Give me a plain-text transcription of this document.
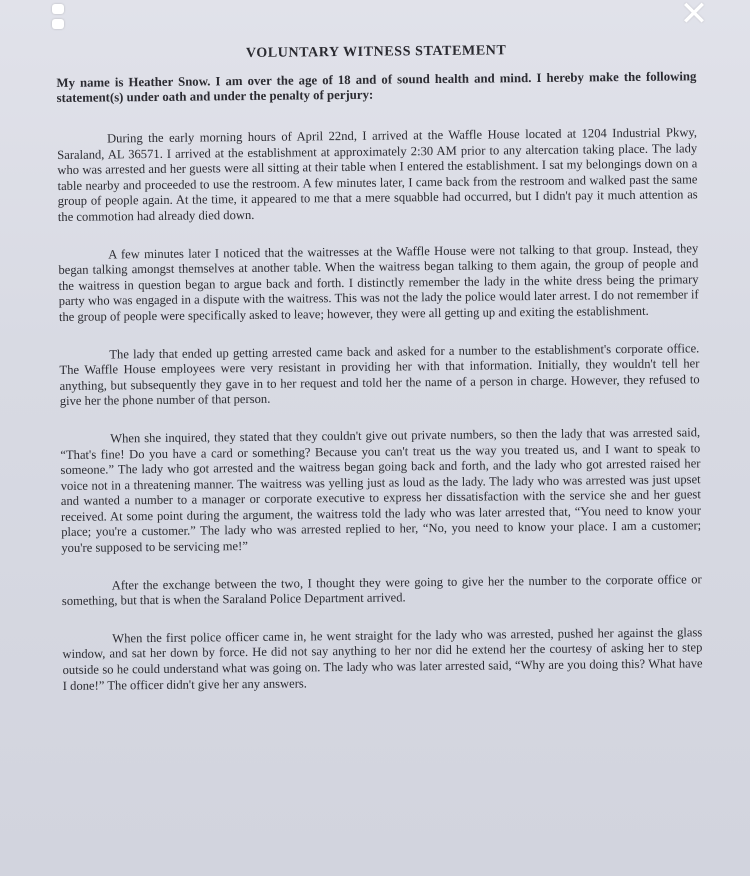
✕
VOLUNTARY WITNESS STATEMENT

My name is Heather Snow. I am over the age of 18 and of sound health and mind. I hereby make the following statement(s) under oath and under the penalty of perjury:

During the early morning hours of April 22nd, I arrived at the Waffle House located at 1204 Industrial Pkwy, Saraland, AL 36571. I arrived at the establishment at approximately 2:30 AM prior to any altercation taking place. The lady who was arrested and her guests were all sitting at their table when I entered the establishment. I sat my belongings down on a table nearby and proceeded to use the restroom. A few minutes later, I came back from the restroom and walked past the same group of people again. At the time, it appeared to me that a mere squabble had occurred, but I didn't pay it much attention as the commotion had already died down.

A few minutes later I noticed that the waitresses at the Waffle House were not talking to that group. Instead, they began talking amongst themselves at another table. When the waitress began talking to them again, the group of people and the waitress in question began to argue back and forth. I distinctly remember the lady in the white dress being the primary party who was engaged in a dispute with the waitress. This was not the lady the police would later arrest. I do not remember if the group of people were specifically asked to leave; however, they were all getting up and exiting the establishment.

The lady that ended up getting arrested came back and asked for a number to the establishment's corporate office. The Waffle House employees were very resistant in providing her with that information. Initially, they wouldn't tell her anything, but subsequently they gave in to her request and told her the name of a person in charge. However, they refused to give her the phone number of that person.

When she inquired, they stated that they couldn't give out private numbers, so then the lady that was arrested said, “That's fine! Do you have a card or something? Because you can't treat us the way you treated us, and I want to speak to someone.” The lady who got arrested and the waitress began going back and forth, and the lady who got arrested raised her voice not in a threatening manner. The waitress was yelling just as loud as the lady. The lady who was arrested was just upset and wanted a number to a manager or corporate executive to express her dissatisfaction with the service she and her guest received. At some point during the argument, the waitress told the lady who was later arrested that, “You need to know your place; you're a customer.” The lady who was arrested replied to her, “No, you need to know your place. I am a customer; you're supposed to be servicing me!”

After the exchange between the two, I thought they were going to give her the number to the corporate office or something, but that is when the Saraland Police Department arrived.

When the first police officer came in, he went straight for the lady who was arrested, pushed her against the glass window, and sat her down by force. He did not say anything to her nor did he extend her the courtesy of asking her to step outside so he could understand what was going on. The lady who was later arrested said, “Why are you doing this? What have I done!” The officer didn't give her any answers.
